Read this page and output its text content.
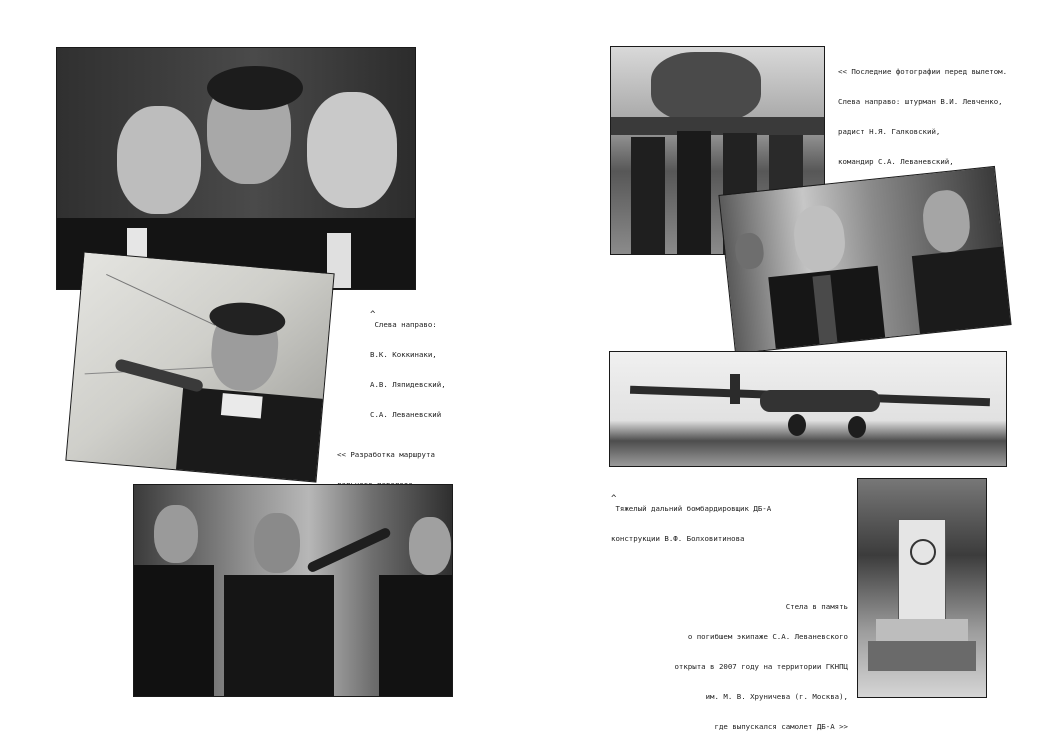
^
Слева направо:

В.К. Коккинаки,

А.В. Ляпидевский,

С.А. Леваневский

<< Разработка маршрута

<< Последние фотографии перед вылетом.

Слева направо: штурман В.И. Левченко,

радист Н.Я. Галковский,

командир С.А. Леваневский,

^
Тяжелый дальний бомбардировщик ДБ-А

конструкции В.Ф. Болховитинова

Стела в память

о погибшем экипаже С.А. Леваневского

открыта в 2007 году на территории ГКНПЦ

им. М. В. Хруничева (г. Москва),

где выпускался самолет ДБ-А >>
